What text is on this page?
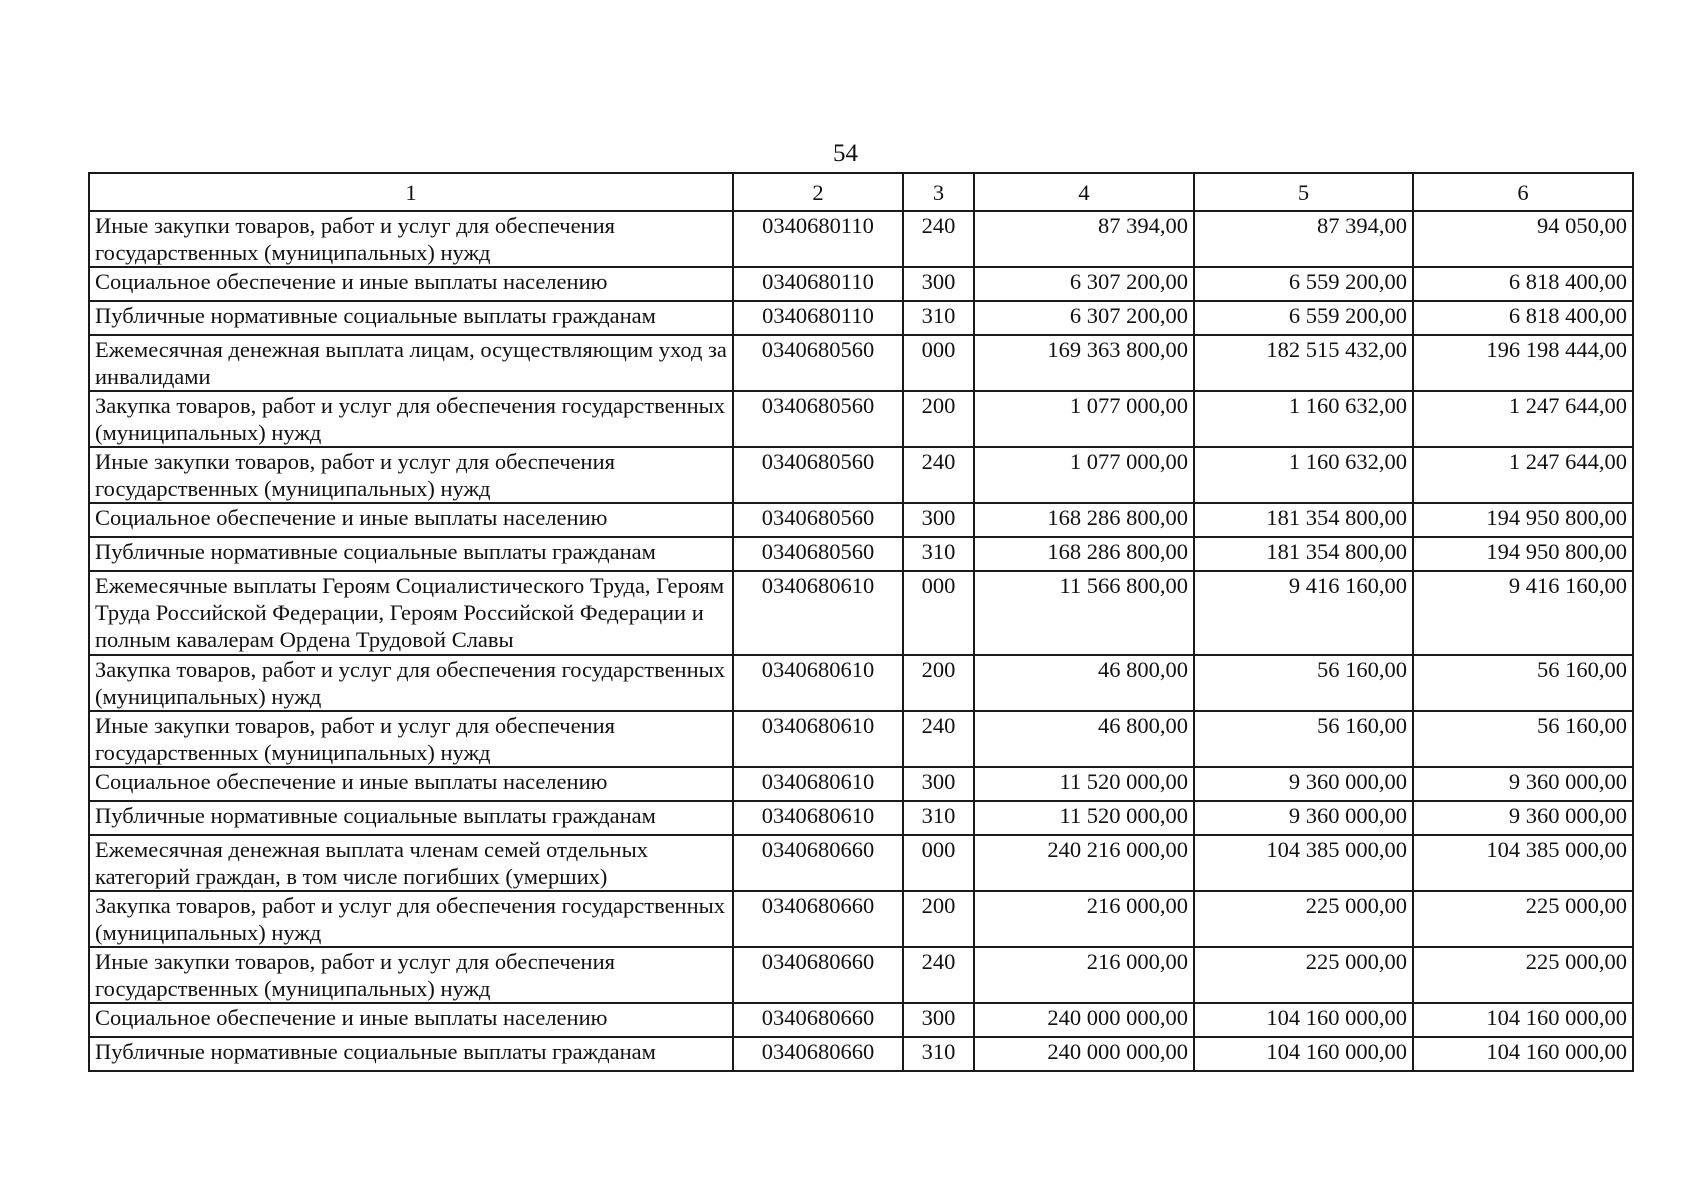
54
1	2	3	4	5	6
Иные закупки товаров, работ и услуг для обеспечения государственных (муниципальных) нужд	0340680110	240	87 394,00	87 394,00	94 050,00
Социальное обеспечение и иные выплаты населению	0340680110	300	6 307 200,00	6 559 200,00	6 818 400,00
Публичные нормативные социальные выплаты гражданам	0340680110	310	6 307 200,00	6 559 200,00	6 818 400,00
Ежемесячная денежная выплата лицам, осуществляющим уход за инвалидами	0340680560	000	169 363 800,00	182 515 432,00	196 198 444,00
Закупка товаров, работ и услуг для обеспечения государственных (муниципальных) нужд	0340680560	200	1 077 000,00	1 160 632,00	1 247 644,00
Иные закупки товаров, работ и услуг для обеспечения государственных (муниципальных) нужд	0340680560	240	1 077 000,00	1 160 632,00	1 247 644,00
Социальное обеспечение и иные выплаты населению	0340680560	300	168 286 800,00	181 354 800,00	194 950 800,00
Публичные нормативные социальные выплаты гражданам	0340680560	310	168 286 800,00	181 354 800,00	194 950 800,00
Ежемесячные выплаты Героям Социалистического Труда, Героям Труда Российской Федерации, Героям Российской Федерации и полным кавалерам Ордена Трудовой Славы	0340680610	000	11 566 800,00	9 416 160,00	9 416 160,00
Закупка товаров, работ и услуг для обеспечения государственных (муниципальных) нужд	0340680610	200	46 800,00	56 160,00	56 160,00
Иные закупки товаров, работ и услуг для обеспечения государственных (муниципальных) нужд	0340680610	240	46 800,00	56 160,00	56 160,00
Социальное обеспечение и иные выплаты населению	0340680610	300	11 520 000,00	9 360 000,00	9 360 000,00
Публичные нормативные социальные выплаты гражданам	0340680610	310	11 520 000,00	9 360 000,00	9 360 000,00
Ежемесячная денежная выплата членам семей отдельных категорий граждан, в том числе погибших (умерших)	0340680660	000	240 216 000,00	104 385 000,00	104 385 000,00
Закупка товаров, работ и услуг для обеспечения государственных (муниципальных) нужд	0340680660	200	216 000,00	225 000,00	225 000,00
Иные закупки товаров, работ и услуг для обеспечения государственных (муниципальных) нужд	0340680660	240	216 000,00	225 000,00	225 000,00
Социальное обеспечение и иные выплаты населению	0340680660	300	240 000 000,00	104 160 000,00	104 160 000,00
Публичные нормативные социальные выплаты гражданам	0340680660	310	240 000 000,00	104 160 000,00	104 160 000,00
